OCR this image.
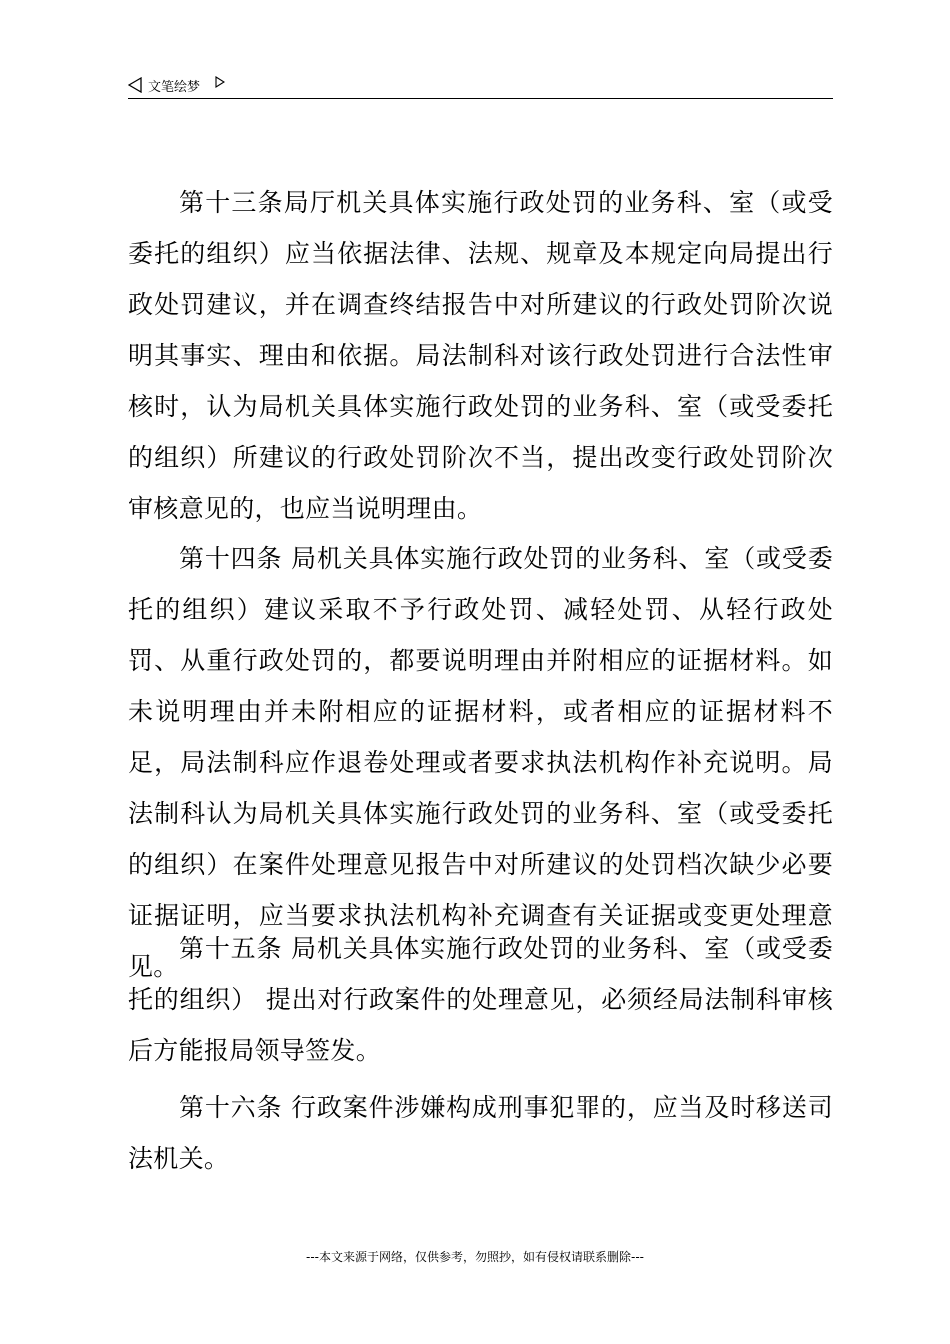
文笔绘梦

第十三条局厅机关具体实施行政处罚的业务科、室（或受委托的组织）应当依据法律、法规、规章及本规定向局提出行政处罚建议，并在调查终结报告中对所建议的行政处罚阶次说明其事实、理由和依据。局法制科对该行政处罚进行合法性审核时，认为局机关具体实施行政处罚的业务科、室（或受委托的组织）所建议的行政处罚阶次不当，提出改变行政处罚阶次审核意见的，也应当说明理由。

第十四条 局机关具体实施行政处罚的业务科、室（或受委托的组织）建议采取不予行政处罚、减轻处罚、从轻行政处罚、从重行政处罚的，都要说明理由并附相应的证据材料。如未说明理由并未附相应的证据材料，或者相应的证据材料不足，局法制科应作退卷处理或者要求执法机构作补充说明。局法制科认为局机关具体实施行政处罚的业务科、室（或受委托的组织）在案件处理意见报告中对所建议的处罚档次缺少必要证据证明，应当要求执法机构补充调查有关证据或变更处理意见。

第十五条 局机关具体实施行政处罚的业务科、室（或受委托的组织） 提出对行政案件的处理意见，必须经局法制科审核后方能报局领导签发。

第十六条 行政案件涉嫌构成刑事犯罪的，应当及时移送司法机关。

---本文来源于网络，仅供参考，勿照抄，如有侵权请联系删除---
